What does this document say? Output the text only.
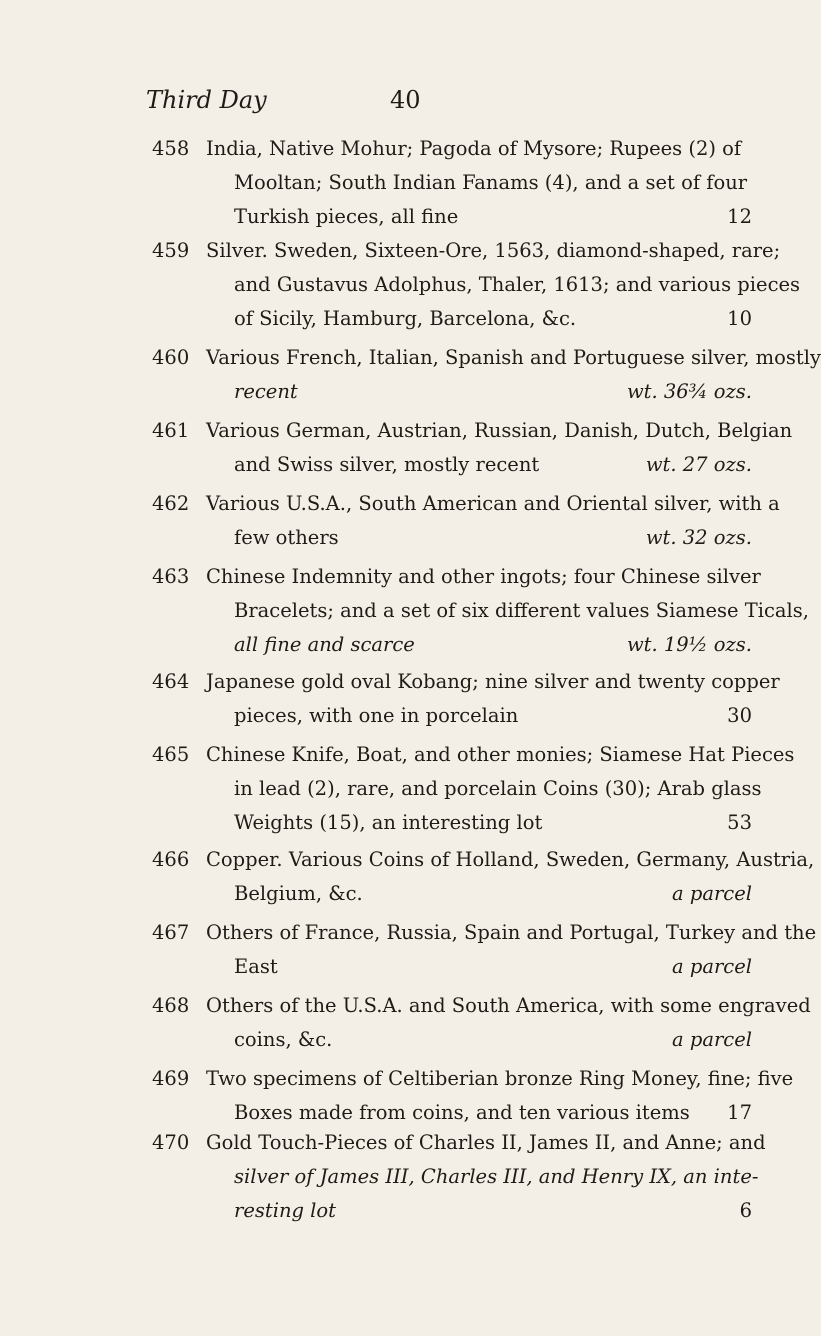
Third Day	40
458 India, Native Mohur; Pagoda of Mysore; Rupees (2) of
Mooltan; South Indian Fanams (4), and a set of four
Turkish pieces, all fine	12
459 Silver. Sweden, Sixteen-Ore, 1563, diamond-shaped, rare;
and Gustavus Adolphus, Thaler, 1613; and various pieces
of Sicily, Hamburg, Barcelona, &c.	10
460 Various French, Italian, Spanish and Portuguese silver, mostly
recent	wt. 36¾ ozs.
461 Various German, Austrian, Russian, Danish, Dutch, Belgian
and Swiss silver, mostly recent	wt. 27 ozs.
462 Various U.S.A., South American and Oriental silver, with a
few others	wt. 32 ozs.
463 Chinese Indemnity and other ingots; four Chinese silver
Bracelets; and a set of six different values Siamese Ticals,
all fine and scarce	wt. 19½ ozs.
464 Japanese gold oval Kobang; nine silver and twenty copper
pieces, with one in porcelain	30
465 Chinese Knife, Boat, and other monies; Siamese Hat Pieces
in lead (2), rare, and porcelain Coins (30); Arab glass
Weights (15), an interesting lot	53
466 Copper. Various Coins of Holland, Sweden, Germany, Austria,
Belgium, &c.	a parcel
467 Others of France, Russia, Spain and Portugal, Turkey and the
East	a parcel
468 Others of the U.S.A. and South America, with some engraved
coins, &c.	a parcel
469 Two specimens of Celtiberian bronze Ring Money, fine; five
Boxes made from coins, and ten various items 17
470 Gold Touch-Pieces of Charles II, James II, and Anne; and
silver of James III, Charles III, and Henry IX, an inte-
resting lot	6
